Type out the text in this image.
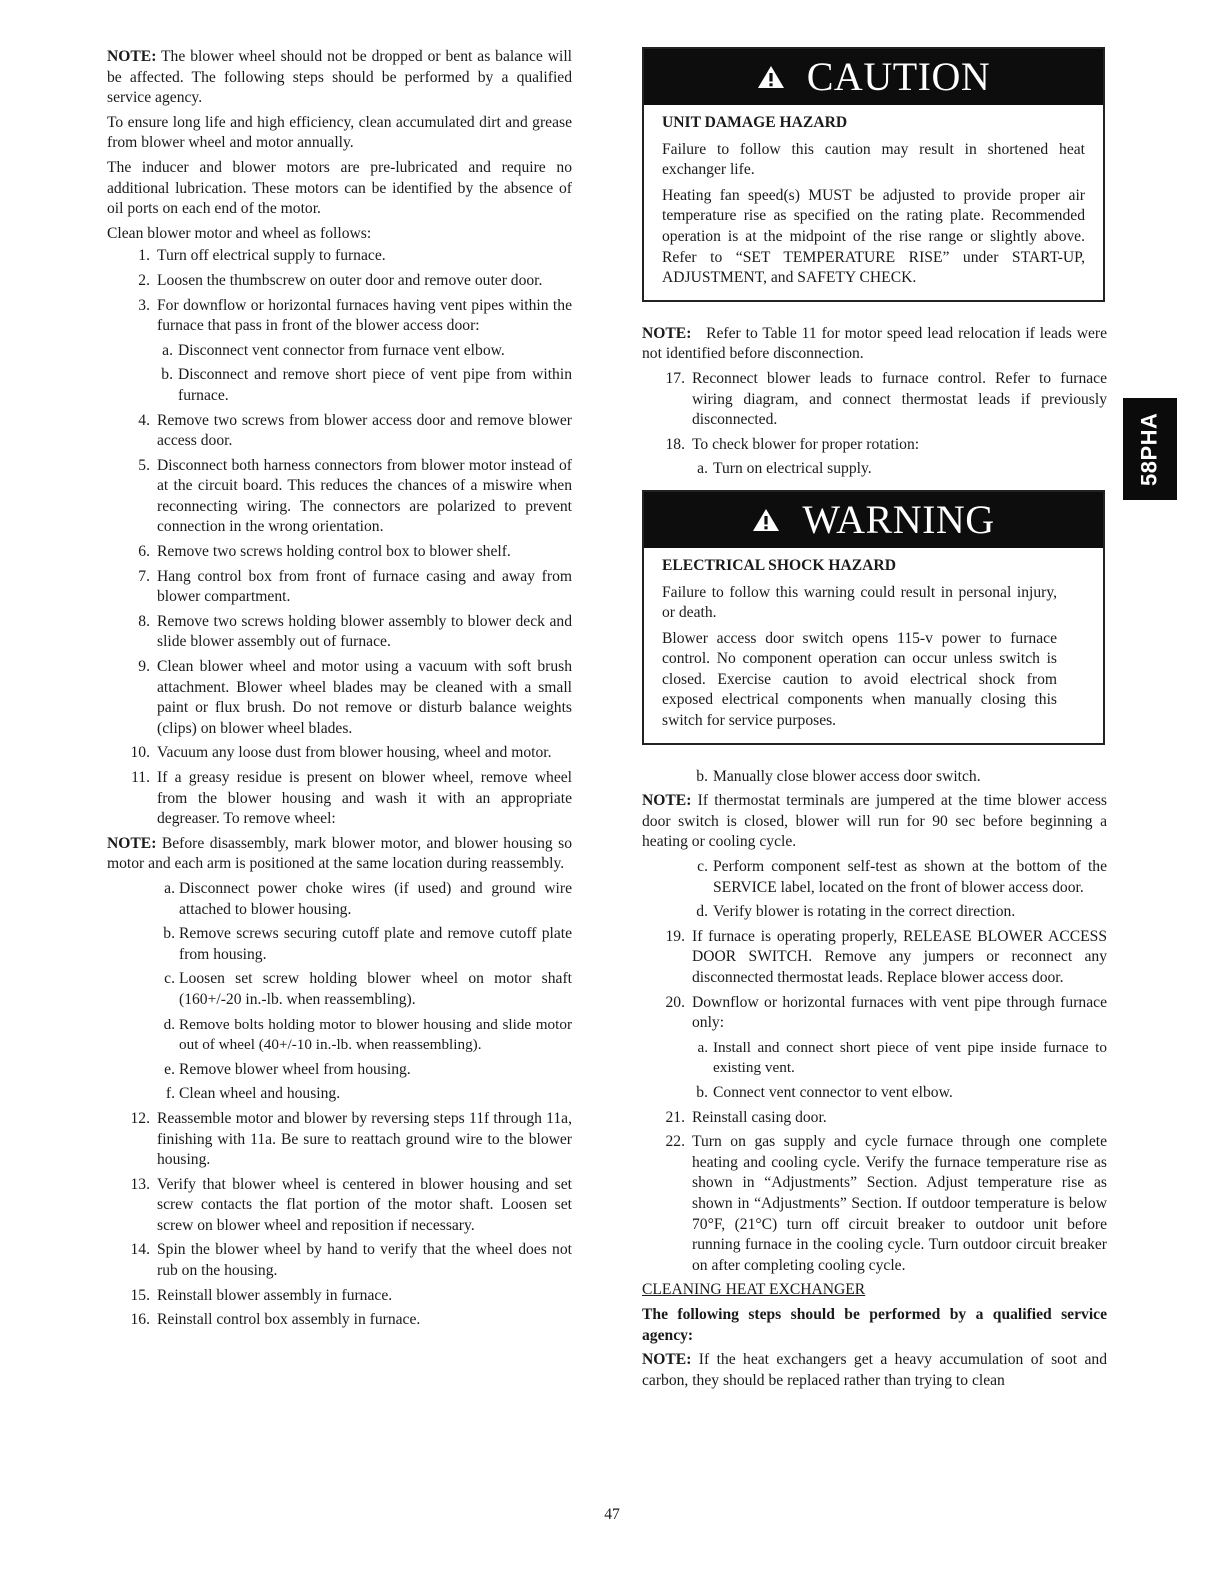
NOTE: The blower wheel should not be dropped or bent as balance will be affected. The following steps should be performed by a qualified service agency.

To ensure long life and high efficiency, clean accumulated dirt and grease from blower wheel and motor annually.

The inducer and blower motors are pre-lubricated and require no additional lubrication. These motors can be identified by the absence of oil ports on each end of the motor.

Clean blower motor and wheel as follows:

1. Turn off electrical supply to furnace.
2. Loosen the thumbscrew on outer door and remove outer door.
3. For downflow or horizontal furnaces having vent pipes within the furnace that pass in front of the blower access door:
a. Disconnect vent connector from furnace vent elbow.
b. Disconnect and remove short piece of vent pipe from within furnace.
4. Remove two screws from blower access door and remove blower access door.
5. Disconnect both harness connectors from blower motor instead of at the circuit board. This reduces the chances of a miswire when reconnecting wiring. The connectors are polarized to prevent connection in the wrong orientation.
6. Remove two screws holding control box to blower shelf.
7. Hang control box from front of furnace casing and away from blower compartment.
8. Remove two screws holding blower assembly to blower deck and slide blower assembly out of furnace.
9. Clean blower wheel and motor using a vacuum with soft brush attachment. Blower wheel blades may be cleaned with a small paint or flux brush. Do not remove or disturb balance weights (clips) on blower wheel blades.
10. Vacuum any loose dust from blower housing, wheel and motor.
11. If a greasy residue is present on blower wheel, remove wheel from the blower housing and wash it with an appropriate degreaser. To remove wheel:

NOTE: Before disassembly, mark blower motor, and blower housing so motor and each arm is positioned at the same location during reassembly.

a. Disconnect power choke wires (if used) and ground wire attached to blower housing.
b. Remove screws securing cutoff plate and remove cutoff plate from housing.
c. Loosen set screw holding blower wheel on motor shaft (160+/-20 in.-lb. when reassembling).
d. Remove bolts holding motor to blower housing and slide motor out of wheel (40+/-10 in.-lb. when reassembling).
e. Remove blower wheel from housing.
f. Clean wheel and housing.
12. Reassemble motor and blower by reversing steps 11f through 11a, finishing with 11a. Be sure to reattach ground wire to the blower housing.
13. Verify that blower wheel is centered in blower housing and set screw contacts the flat portion of the motor shaft. Loosen set screw on blower wheel and reposition if necessary.
14. Spin the blower wheel by hand to verify that the wheel does not rub on the housing.
15. Reinstall blower assembly in furnace.
16. Reinstall control box assembly in furnace.
CAUTION

UNIT DAMAGE HAZARD

Failure to follow this caution may result in shortened heat exchanger life.

Heating fan speed(s) MUST be adjusted to provide proper air temperature rise as specified on the rating plate. Recommended operation is at the midpoint of the rise range or slightly above. Refer to “SET TEMPERATURE RISE” under START-UP, ADJUSTMENT, and SAFETY CHECK.

NOTE: Refer to Table 11 for motor speed lead relocation if leads were not identified before disconnection.

17. Reconnect blower leads to furnace control. Refer to furnace wiring diagram, and connect thermostat leads if previously disconnected.
18. To check blower for proper rotation:
a. Turn on electrical supply.
WARNING

ELECTRICAL SHOCK HAZARD

Failure to follow this warning could result in personal injury, or death.

Blower access door switch opens 115-v power to furnace control. No component operation can occur unless switch is closed. Exercise caution to avoid electrical shock from exposed electrical components when manually closing this switch for service purposes.

b. Manually close blower access door switch.

NOTE: If thermostat terminals are jumpered at the time blower access door switch is closed, blower will run for 90 sec before beginning a heating or cooling cycle.

c. Perform component self-test as shown at the bottom of the SERVICE label, located on the front of blower access door.
d. Verify blower is rotating in the correct direction.
19. If furnace is operating properly, RELEASE BLOWER ACCESS DOOR SWITCH. Remove any jumpers or reconnect any disconnected thermostat leads. Replace blower access door.
20. Downflow or horizontal furnaces with vent pipe through furnace only:
a. Install and connect short piece of vent pipe inside furnace to existing vent.
b. Connect vent connector to vent elbow.
21. Reinstall casing door.
22. Turn on gas supply and cycle furnace through one complete heating and cooling cycle. Verify the furnace temperature rise as shown in “Adjustments” Section. Adjust temperature rise as shown in “Adjustments” Section. If outdoor temperature is below 70°F, (21°C) turn off circuit breaker to outdoor unit before running furnace in the cooling cycle. Turn outdoor circuit breaker on after completing cooling cycle.

CLEANING HEAT EXCHANGER

The following steps should be performed by a qualified service agency:

NOTE: If the heat exchangers get a heavy accumulation of soot and carbon, they should be replaced rather than trying to clean

58PHA
47
